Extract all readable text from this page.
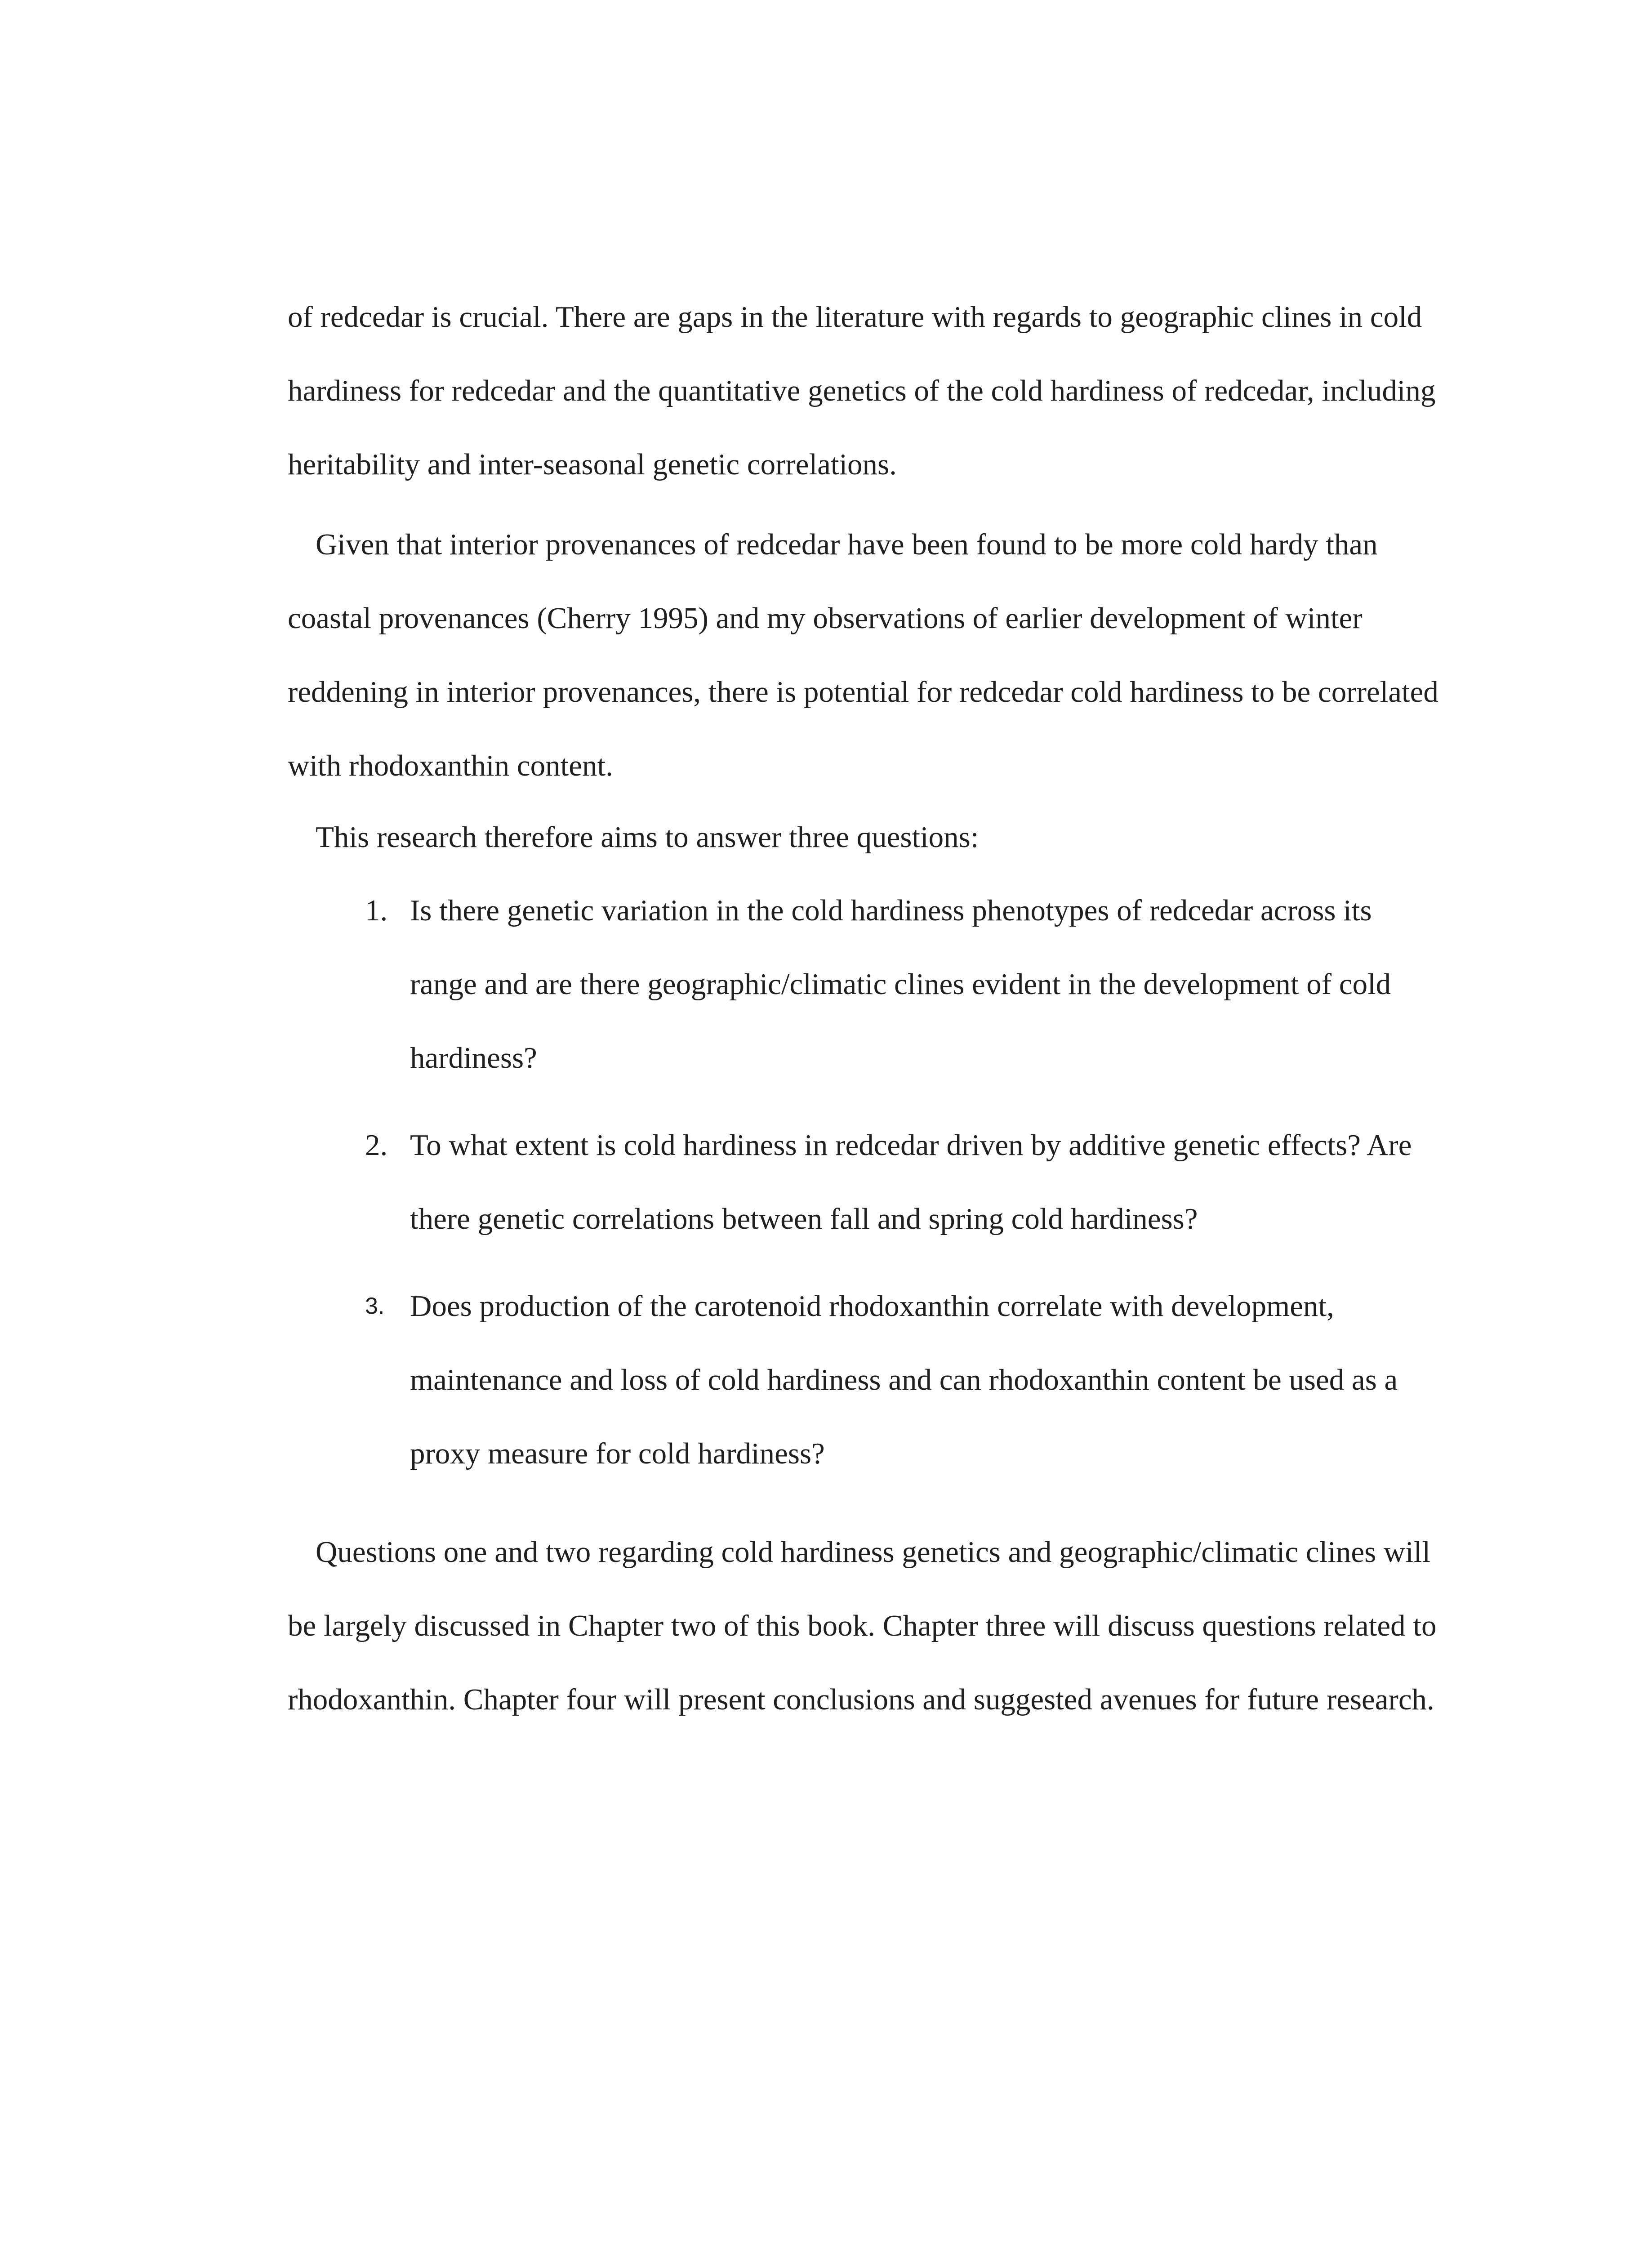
of redcedar is crucial. There are gaps in the literature with regards to geographic clines in cold hardiness for redcedar and the quantitative genetics of the cold hardiness of redcedar, including heritability and inter-seasonal genetic correlations.
Given that interior provenances of redcedar have been found to be more cold hardy than coastal provenances (Cherry 1995) and my observations of earlier development of winter reddening in interior provenances, there is potential for redcedar cold hardiness to be correlated with rhodoxanthin content.
This research therefore aims to answer three questions:
1. Is there genetic variation in the cold hardiness phenotypes of redcedar across its range and are there geographic/climatic clines evident in the development of cold hardiness?
2. To what extent is cold hardiness in redcedar driven by additive genetic effects? Are there genetic correlations between fall and spring cold hardiness?
3. Does production of the carotenoid rhodoxanthin correlate with development, maintenance and loss of cold hardiness and can rhodoxanthin content be used as a proxy measure for cold hardiness?
Questions one and two regarding cold hardiness genetics and geographic/climatic clines will be largely discussed in Chapter two of this book. Chapter three will discuss questions related to rhodoxanthin. Chapter four will present conclusions and suggested avenues for future research.
